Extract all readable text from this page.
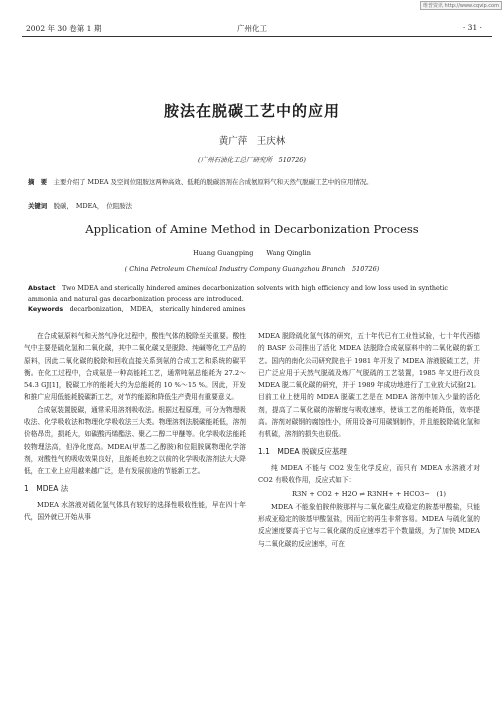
维普资讯 http://www.cqvip.com
2002 年 30 卷第 1 期	广州化工	· 31 ·
胺法在脱碳工艺中的应用
黄广萍　王庆林
(广州石油化工总厂研究所　510726)
摘　要　 主要介绍了 MDEA 及空间位阻胺这两种高效、低耗的脱碳溶剂在合成氨原料气和天然气脱碳工艺中的应用情况。
关键词　 脱碳，　MDEA，　位阻胺法
Application of Amine Method in Decarbonization Process
Huang Guangping　　Wang Qinglin
( China Petroleum Chemical Industry Company Guangzhou Branch　510726)
Abstact　 Two MDEA and sterically hindered amines decarbonization solvents with high efficiency and low loss used in synthetic ammonia and natural gas decarbonization process are introduced.
Keywords　 decarbonization,　MDEA,　sterically hindered amines

在合成氨原料气和天然气净化过程中，酸性气体的脱除至关重要。酸性气中主要是硫化氢和二氧化碳，其中二氧化碳又是脱除、纯碱等化工产品的原料，因此二氧化碳的脱除和回收直接关系到氨的合成工艺和系统的碳平衡。在化工过程中，合成氨是一种高能耗工艺，通常吨氨总能耗为 27.2～54.3 GJ[1]，脱碳工序的能耗大约为总能耗的 10 %～15 %。因此，开发和推广应用低能耗脱碳新工艺，对节约能源和降低生产费用有重要意义。

合成氨装置脱碳，通常采用溶剂吸收法。根据过程原理，可分为物理吸收法、化学吸收法和物理化学吸收法三大类。物理溶剂法脱碳能耗低，溶剂价格昂贵，损耗大，如碳酸丙烯酯法、聚乙二醇二甲醚等。化学吸收法能耗较物理法高，但净化度高。MDEA(甲基二乙醇胺)和位阻胺属物理化学溶剂，对酸性气的吸收效果良好，且能耗也较之以前的化学吸收溶剂法大大降低，在工业上应用越来越广泛，是有发展前途的节能新工艺。

1　MDEA 法

MDEA 水溶液对硫化氢气体具有较好的选择性吸收性能，早在四十年代，国外就已开始从事

MDEA 脱除硫化氢气体的研究，五十年代已有工业性试验，七十年代西德的 BASF 公司推出了活化 MDEA 法脱除合成氨原料中的二氧化碳的新工艺。国内的南化公司研究院也于 1981 年开发了 MDEA 溶液脱硫工艺，并已广泛应用于天然气脱硫及炼厂气脱硫的工艺装置，1985 年又进行改良 MDEA 脱二氧化碳的研究，并于 1989 年成功地进行了工业放大试验[2]。目前工业上使用的 MDEA 脱碳工艺是在 MDEA 溶剂中加入少量的活化剂，提高了二氧化碳的溶解度与吸收速率，使该工艺的能耗降低，效率提高。溶剂对碳钢的腐蚀性小，所用设备可用碳钢制作，并且能脱除硫化氢和有机硫，溶剂的损失也很低。

1.1　MDEA 脱碳反应基理

纯 MDEA 不能与 CO2 发生化学反应，而只有 MDEA 水溶液才对 CO2 有吸收作用，反应式如下：

R3N + CO2 + H2O ⇌ R3NH+ + HCO3−　(1)

MDEA 不能象伯胺仲胺那样与二氧化碳生成稳定的胺基甲酸盐，只能形成亚稳定的胺基甲酸氢盐，因而它的再生非常容易。MDEA 与硫化氢的反应速度要高于它与二氧化碳的反应速率若干个数量级，为了加快 MDEA 与二氧化碳的反应速率，可在
